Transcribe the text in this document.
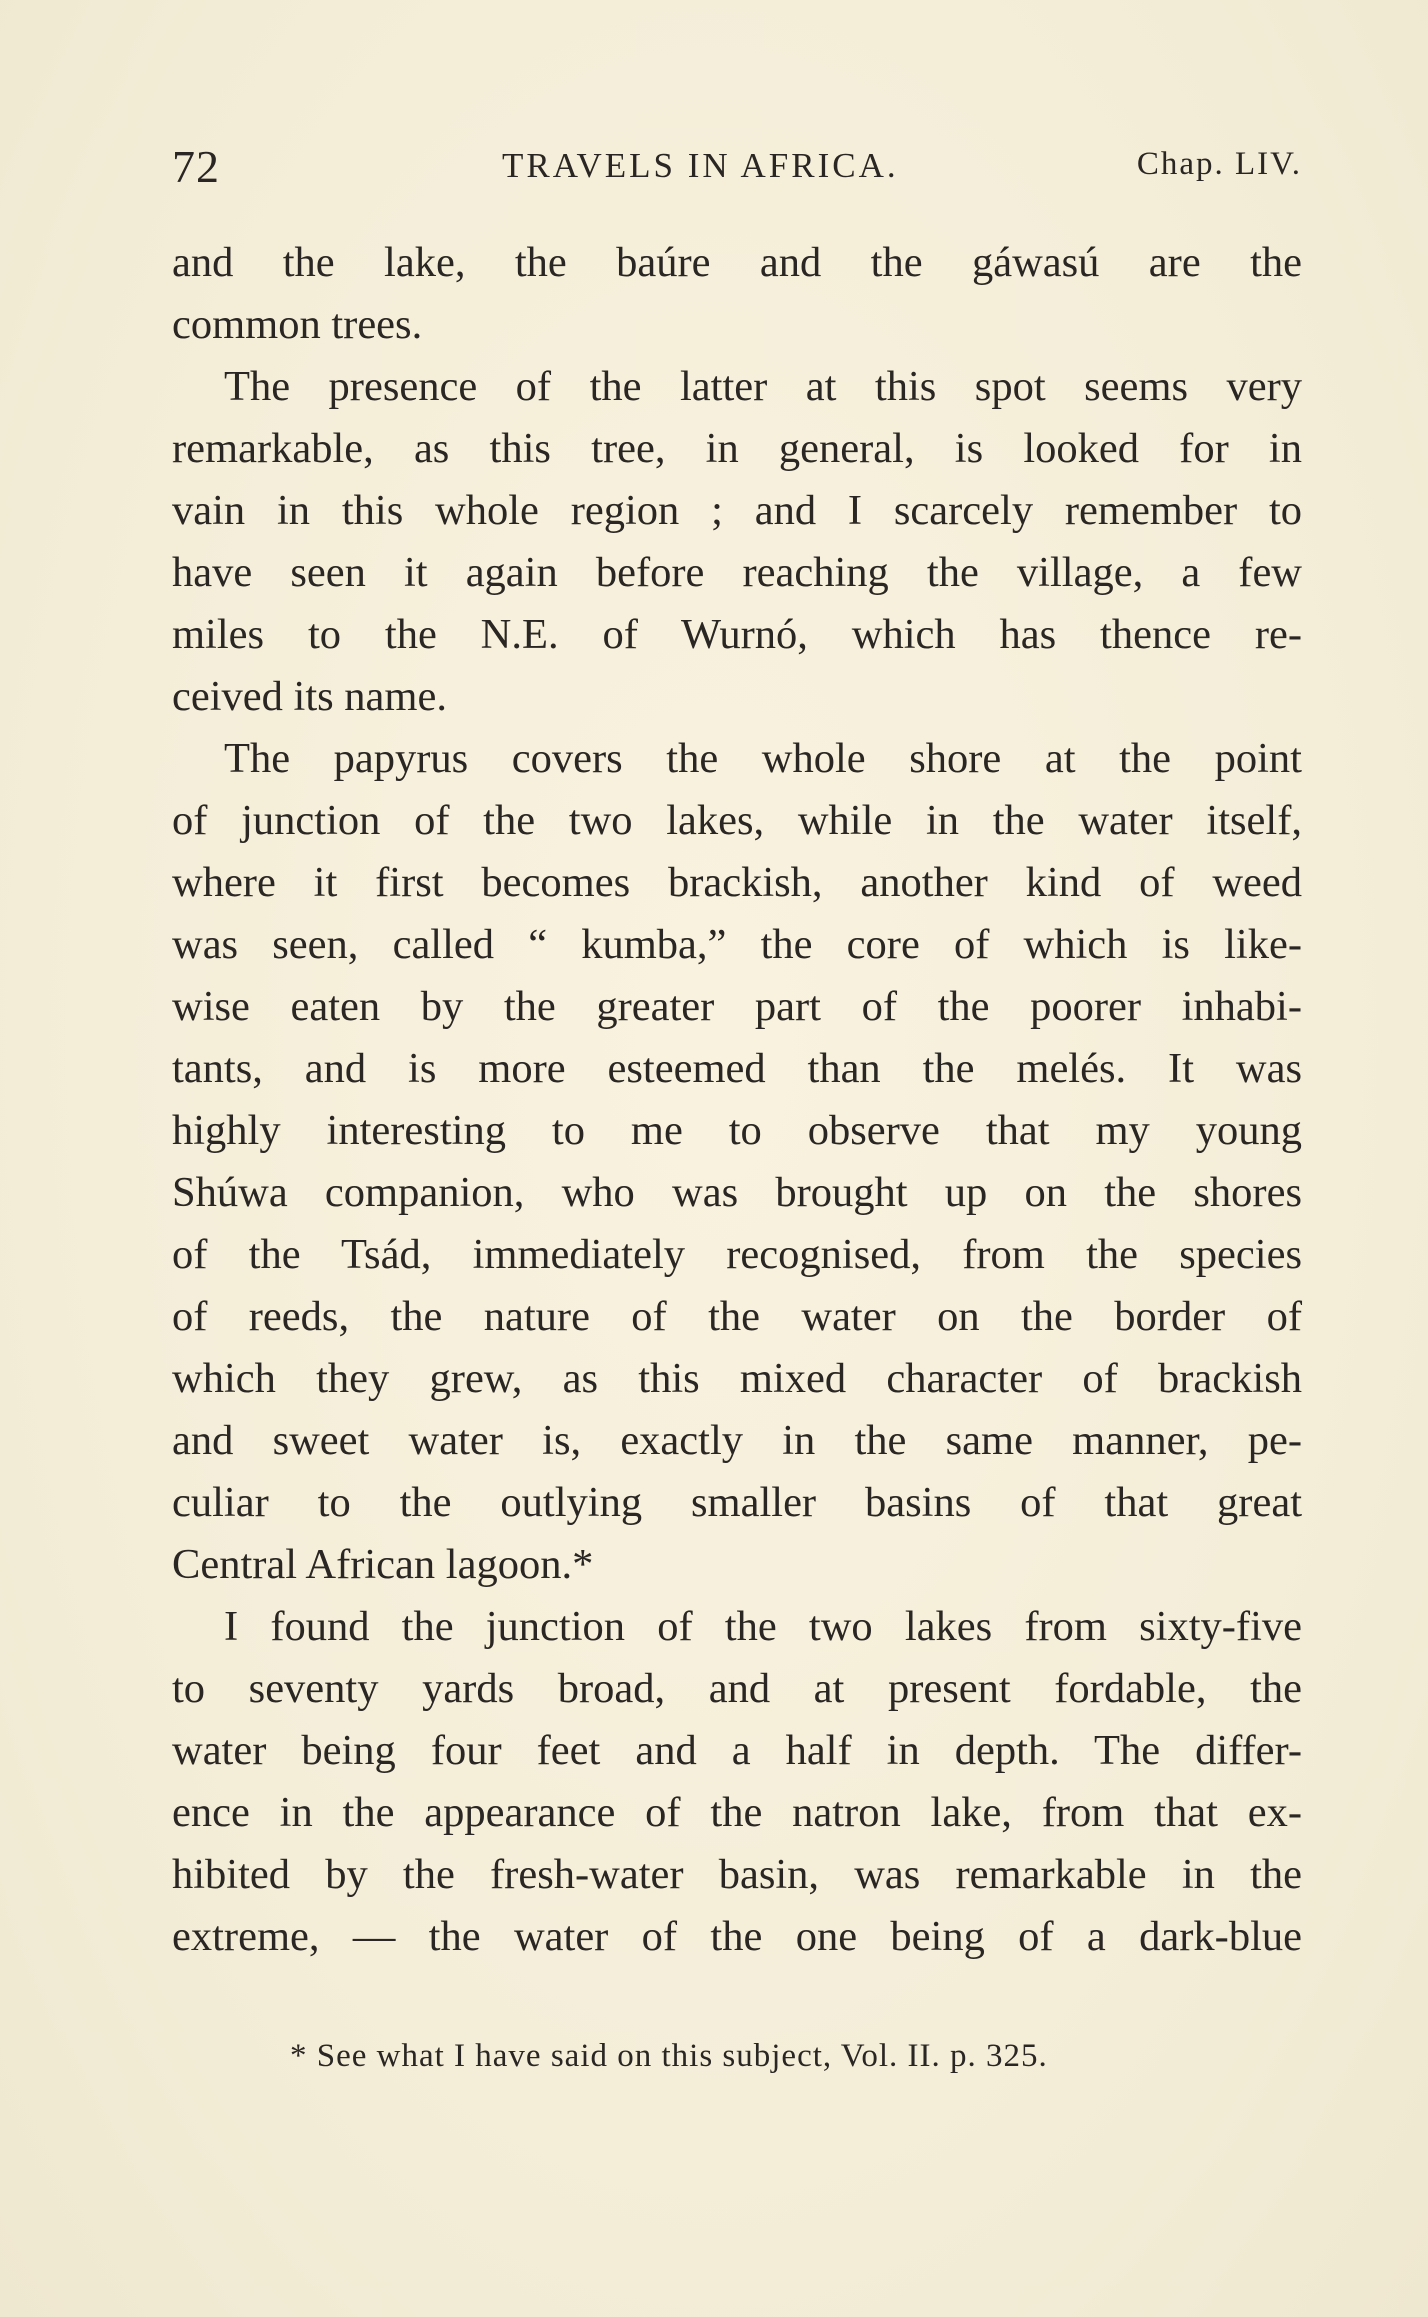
72	TRAVELS IN AFRICA.	Chap. LIV.
and the lake, the baúre and the gáwasú are the
common trees.
The presence of the latter at this spot seems very
remarkable, as this tree, in general, is looked for in
vain in this whole region ; and I scarcely remember to
have seen it again before reaching the village, a few
miles to the N.E. of Wurnó, which has thence re-
ceived its name.
The papyrus covers the whole shore at the point
of junction of the two lakes, while in the water itself,
where it first becomes brackish, another kind of weed
was seen, called “ kumba,” the core of which is like-
wise eaten by the greater part of the poorer inhabi-
tants, and is more esteemed than the melés. It was
highly interesting to me to observe that my young
Shúwa companion, who was brought up on the shores
of the Tsád, immediately recognised, from the species
of reeds, the nature of the water on the border of
which they grew, as this mixed character of brackish
and sweet water is, exactly in the same manner, pe-
culiar to the outlying smaller basins of that great
Central African lagoon.*
I found the junction of the two lakes from sixty-five
to seventy yards broad, and at present fordable, the
water being four feet and a half in depth. The differ-
ence in the appearance of the natron lake, from that ex-
hibited by the fresh-water basin, was remarkable in the
extreme, — the water of the one being of a dark-blue
* See what I have said on this subject, Vol. II. p. 325.
